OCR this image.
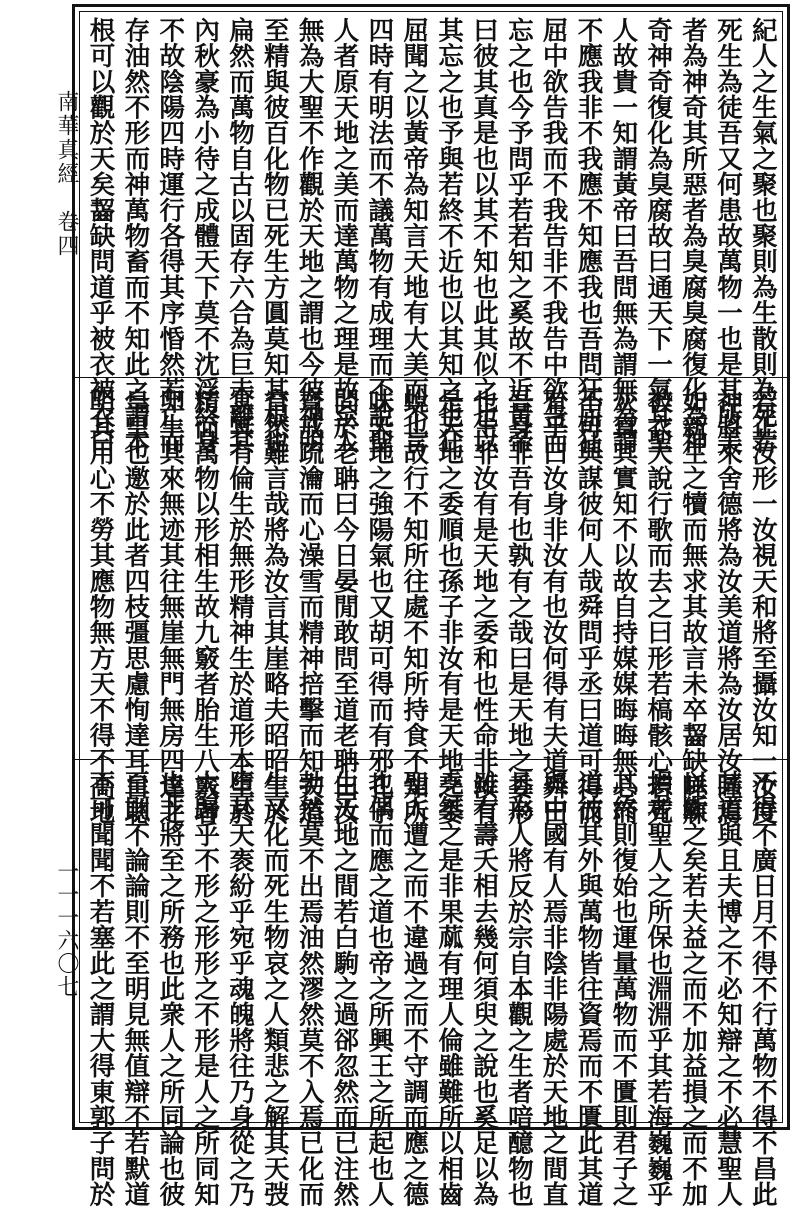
南華真經　卷四
一一一六〇七
紀人之生氣之聚也聚則為生散則為死若
死生為徒吾又何患故萬物一也是其所美
者為神奇其所惡者為臭腐臭腐復化為神
奇神奇復化為臭腐故曰通天下一氣耳聖
人故貴一知謂黃帝曰吾問無為謂無為謂
不應我非不我應不知應我也吾問狂屈狂
屈中欲告我而不我告非不我告中欲告而
忘之也今予問乎若若知之奚故不近黃帝
曰彼其真是也以其不知也此其似之也以
其忘之也予與若終不近也以其知之也狂
屈聞之以黃帝為知言天地有大美而不言
四時有明法而不議萬物有成理而不說聖
人者原天地之美而達萬物之理是故至人
無為大聖不作觀於天地之謂也今彼神明
至精與彼百化物已死生方圓莫知其根也
扁然而萬物自古以固存六合為巨未離其
內秋豪為小待之成體天下莫不沈浮終身
不故陰陽四時運行各得其序惛然若亡而
存油然不形而神萬物畜而不知此之謂本
根可以觀於天矣齧缺問道乎被衣被衣曰
若正汝形一汝視天和將至攝汝知一汝度
神將來舍德將為汝美道將為汝居汝瞳焉
如新生之犢而無求其故言未卒齧缺睡寐
被衣大說行歌而去之曰形若槁骸心若死
灰真其實知不以故自持媒媒晦晦無心而
不可與謀彼何人哉舜問乎丞曰道可得而
有乎曰汝身非汝有也汝何得有夫道舜曰
吾身非吾有也孰有之哉曰是天地之委形
也生非汝有是天地之委和也性命非汝有
是天地之委順也孫子非汝有是天地之委
蛻也故行不知所往處不知所持食不知所
味天地之強陽氣也又胡可得而有邪孔子
問於老聃曰今日晏閒敢問至道老聃曰汝
齋戒疏瀹而心澡雪而精神掊擊而知夫道
窅然難言哉將為汝言其崖略夫昭昭生於
冥冥有倫生於無形精神生於道形本生於
精而萬物以形相生故九竅者胎生八竅者
卵生其來無迹其往無崖無門無房四達之
皇皇也邀於此者四枝彊思慮恂達耳目聰
明其用心不勞其應物無方天不得不高地
不得不廣日月不得不行萬物不得不昌此
其道與且夫博之不必知辯之不必慧聖人
以斷之矣若夫益之而不加益損之而不加
損者聖人之所保也淵淵乎其若海巍巍乎
其終則復始也運量萬物而不匱則君子之
道彼其外與萬物皆往資焉而不匱此其道
與中國有人焉非陰非陽處於天地之間直
且為人將反於宗自本觀之生者喑醷物也
雖有壽夭相去幾何須臾之說也奚足以為
堯桀之是非果蓏有理人倫雖難所以相齒
聖人遭之而不違過之而不守調而應之德
也偶而應之道也帝之所興王之所起也人
生天地之間若白駒之過郤忽然而已注然
勃然莫不出焉油然漻然莫不入焉已化而
生又化而死生物哀之人類悲之解其天弢
墮其天袠紛乎宛乎魂魄將往乃身從之乃
大歸乎不形之形形之不形是人之所同知
也非將至之所務也此衆人之所同論也彼
至則不論論則不至明見無值辯不若默道
不可聞聞不若塞此之謂大得東郭子問於
